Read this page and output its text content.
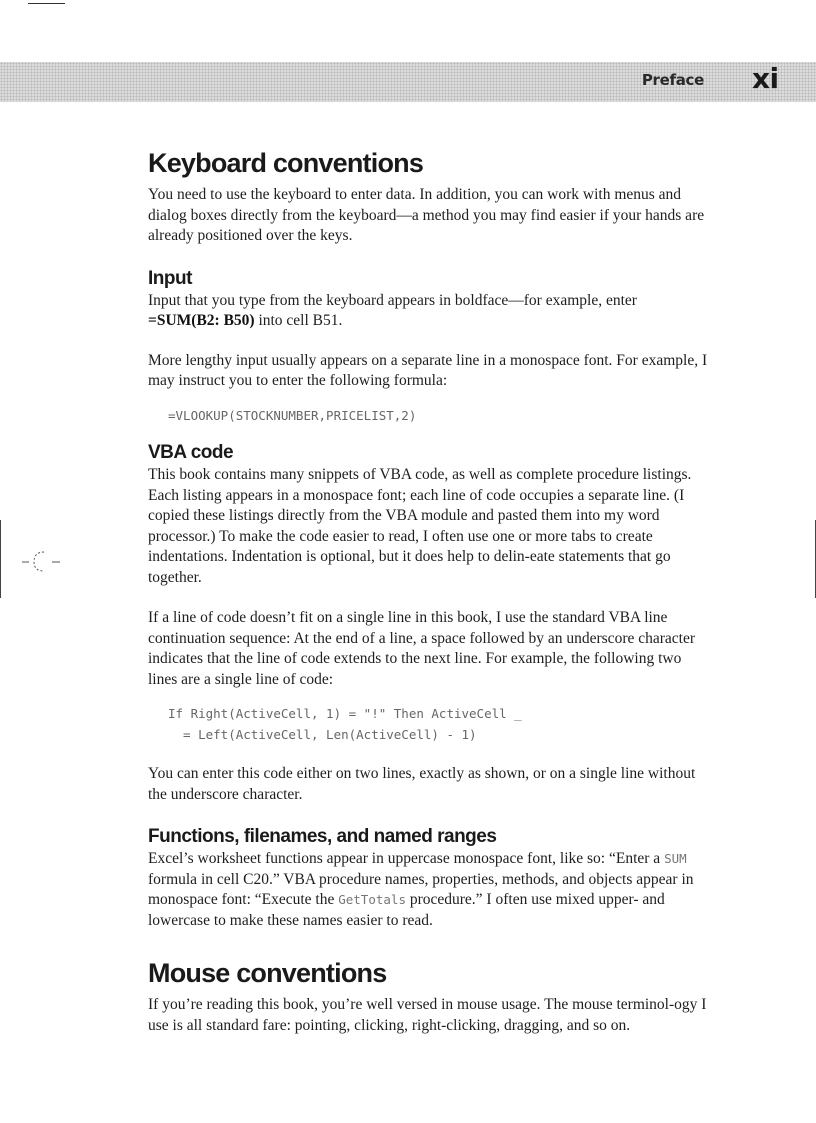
Preface xi
Keyboard conventions

You need to use the keyboard to enter data. In addition, you can work with menus and dialog boxes directly from the keyboard—a method you may find easier if your hands are already positioned over the keys.

Input

Input that you type from the keyboard appears in boldface—for example, enter =SUM(B2: B50) into cell B51.

More lengthy input usually appears on a separate line in a monospace font. For example, I may instruct you to enter the following formula:

=VLOOKUP(STOCKNUMBER,PRICELIST,2)
VBA code

This book contains many snippets of VBA code, as well as complete procedure listings. Each listing appears in a monospace font; each line of code occupies a separate line. (I copied these listings directly from the VBA module and pasted them into my word processor.) To make the code easier to read, I often use one or more tabs to create indentations. Indentation is optional, but it does help to delin-eate statements that go together.

If a line of code doesn’t fit on a single line in this book, I use the standard VBA line continuation sequence: At the end of a line, a space followed by an underscore character indicates that the line of code extends to the next line. For example, the following two lines are a single line of code:

If Right(ActiveCell, 1) = "!" Then ActiveCell _
= Left(ActiveCell, Len(ActiveCell) - 1)

You can enter this code either on two lines, exactly as shown, or on a single line without the underscore character.

Functions, filenames, and named ranges

Excel’s worksheet functions appear in uppercase monospace font, like so: “Enter a SUM formula in cell C20.” VBA procedure names, properties, methods, and objects appear in monospace font: “Execute the GetTotals procedure.” I often use mixed upper- and lowercase to make these names easier to read.

Mouse conventions

If you’re reading this book, you’re well versed in mouse usage. The mouse terminol-ogy I use is all standard fare: pointing, clicking, right-clicking, dragging, and so on.
